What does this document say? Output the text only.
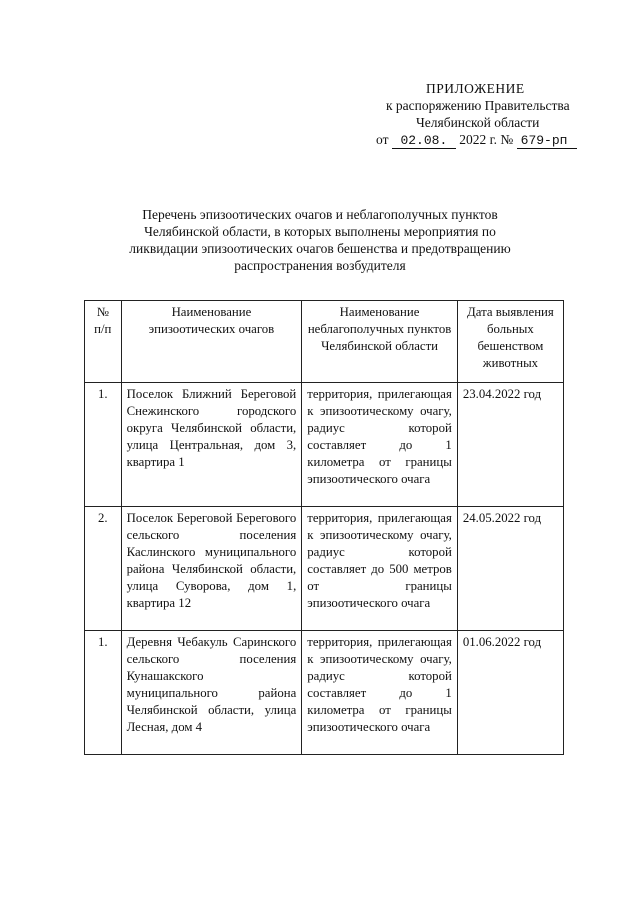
ПРИЛОЖЕНИЕ
к распоряжению Правительства
Челябинской области
от 02.08. 2022 г. № 679-рп
Перечень эпизоотических очагов и неблагополучных пунктов Челябинской области, в которых выполнены мероприятия по ликвидации эпизоотических очагов бешенства и предотвращению распространения возбудителя
№ п/п	Наименование эпизоотических очагов	Наименование неблагополучных пунктов Челябинской области	Дата выявления больных бешенством животных
1.	Поселок Ближний Береговой Снежинского городского округа Челябинской области, улица Центральная, дом 3, квартира 1	территория, прилегающая к эпизоотическому очагу, радиус которой составляет до 1 километра от границы эпизоотического очага	23.04.2022 год
2.	Поселок Береговой Берегового сельского поселения Каслинского муниципального района Челябинской области, улица Суворова, дом 1, квартира 12	территория, прилегающая к эпизоотическому очагу, радиус которой составляет до 500 метров от границы эпизоотического очага	24.05.2022 год
1.	Деревня Чебакуль Саринского сельского поселения Кунашакского муниципального района Челябинской области, улица Лесная, дом 4	территория, прилегающая к эпизоотическому очагу, радиус которой составляет до 1 километра от границы эпизоотического очага	01.06.2022 год
